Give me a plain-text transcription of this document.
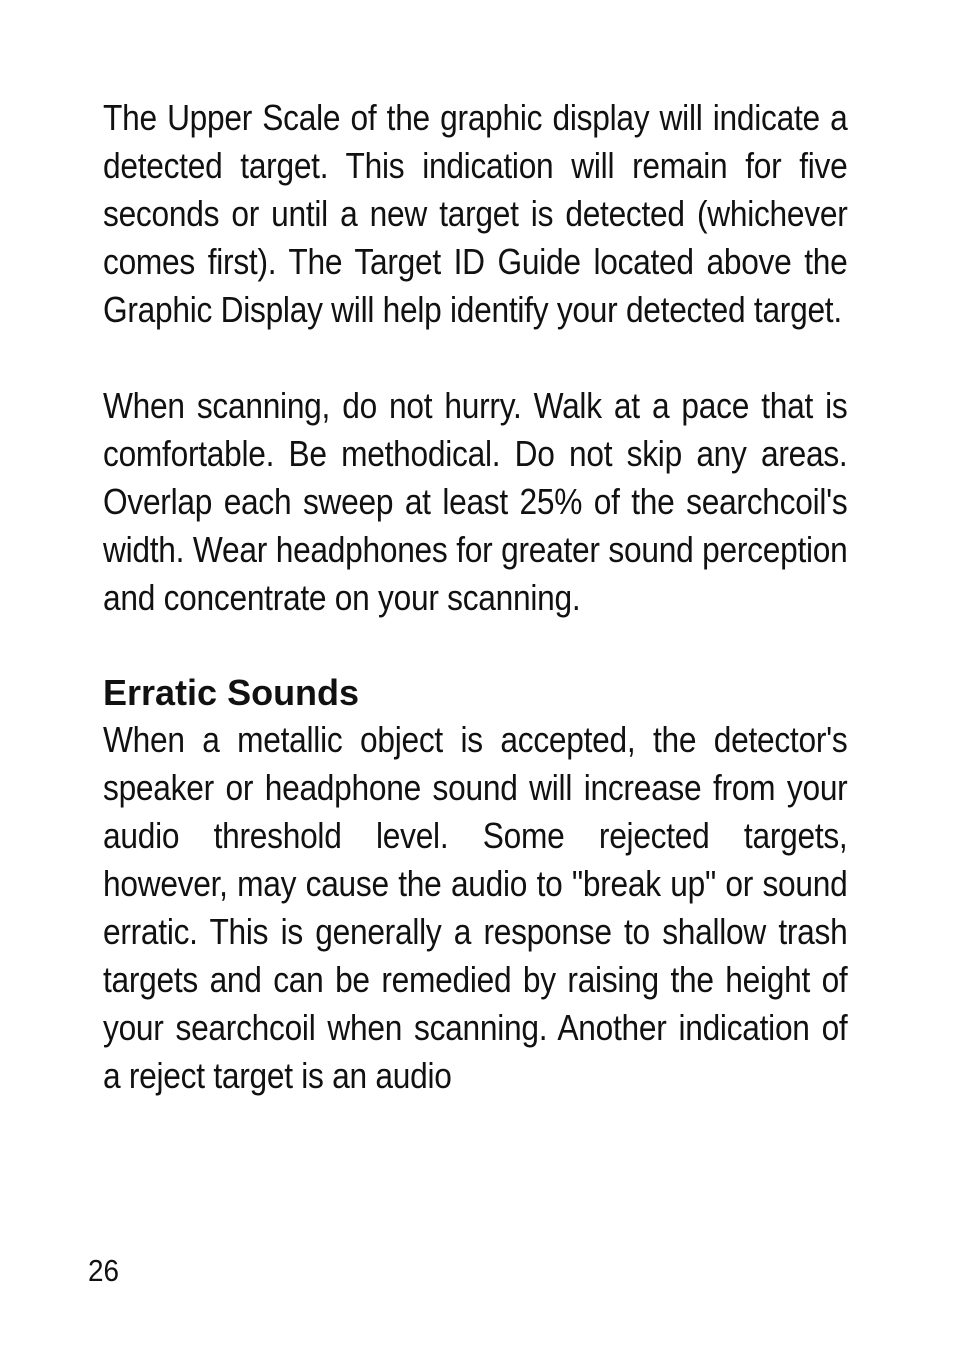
The Upper Scale of the graphic display will indicate a detected target. This indication will remain for five seconds or until a new target is detected (whichever comes first). The Target ID Guide located above the Graphic Display will help identify your detected target.

When scanning, do not hurry. Walk at a pace that is comfortable. Be methodical. Do not skip any areas. Overlap each sweep at least 25% of the searchcoil's width. Wear headphones for greater sound perception and concentrate on your scanning.

Erratic Sounds

When a metallic object is accepted, the detector's speaker or headphone sound will increase from your audio threshold level. Some rejected targets, however, may cause the audio to "break up" or sound erratic. This is generally a response to shallow trash targets and can be remedied by raising the height of your searchcoil when scanning. Another indication of a reject target is an audio

26
